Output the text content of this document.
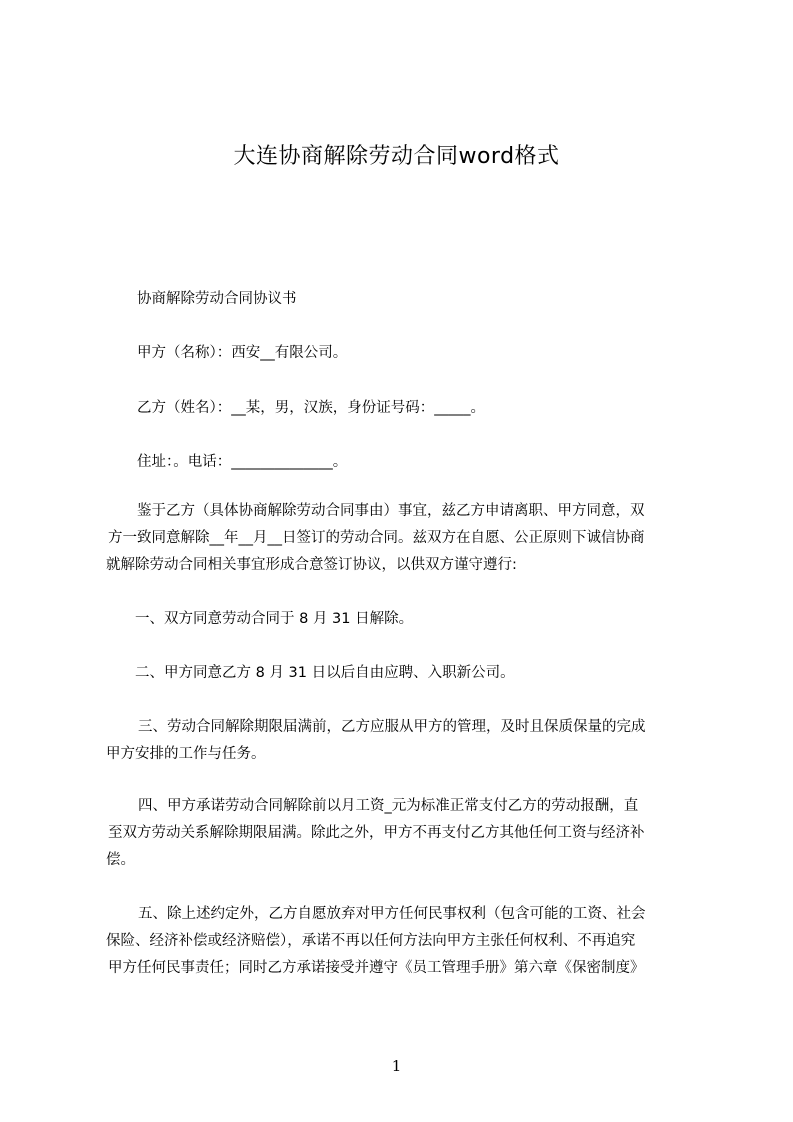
大连协商解除劳动合同word格式
协商解除劳动合同协议书
甲方（名称）：西安__有限公司。
乙方（姓名）：__某，男，汉族，身份证号码：_____。
住址：。电话：______________。
鉴于乙方（具体协商解除劳动合同事由）事宜，兹乙方申请离职、甲方同意，双
方一致同意解除__年__月__日签订的劳动合同。兹双方在自愿、公正原则下诚信协商
就解除劳动合同相关事宜形成合意签订协议，以供双方谨守遵行:
一、双方同意劳动合同于 8 月 31 日解除。
二、甲方同意乙方 8 月 31 日以后自由应聘、入职新公司。
三、劳动合同解除期限届满前，乙方应服从甲方的管理，及时且保质保量的完成
甲方安排的工作与任务。
四、甲方承诺劳动合同解除前以月工资_元为标准正常支付乙方的劳动报酬，直
至双方劳动关系解除期限届满。除此之外，甲方不再支付乙方其他任何工资与经济补
偿。
五、除上述约定外，乙方自愿放弃对甲方任何民事权利（包含可能的工资、社会
保险、经济补偿或经济赔偿），承诺不再以任何方法向甲方主张任何权利、不再追究
甲方任何民事责任；同时乙方承诺接受并遵守《员工管理手册》第六章《保密制度》
1
